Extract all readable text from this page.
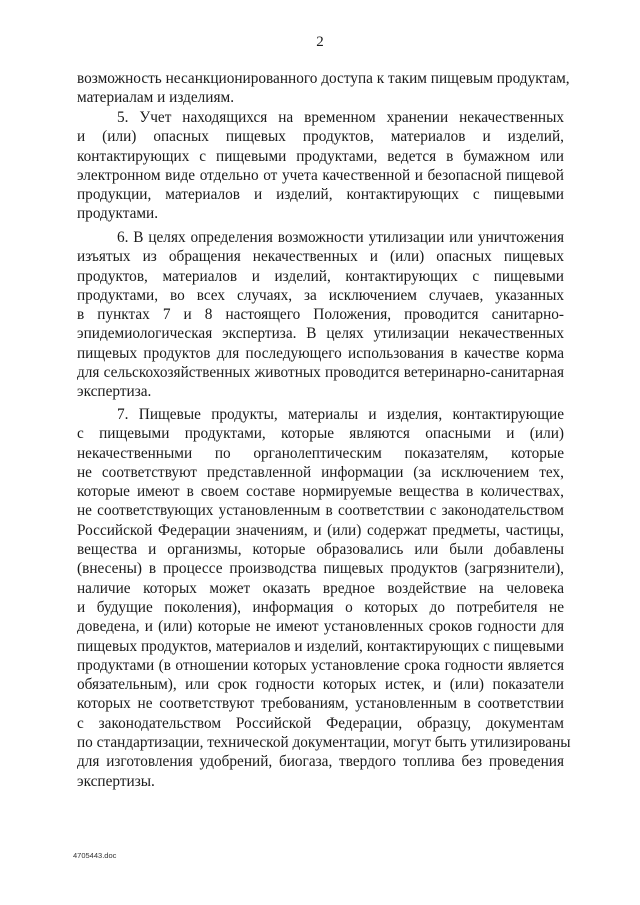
2
возможность несанкционированного доступа к таким пищевым продуктам,
материалам и изделиям.
5. Учет находящихся на временном хранении некачественных
и (или) опасных пищевых продуктов, материалов и изделий,
контактирующих с пищевыми продуктами, ведется в бумажном или
электронном виде отдельно от учета качественной и безопасной пищевой
продукции, материалов и изделий, контактирующих с пищевыми
продуктами.
6. В целях определения возможности утилизации или уничтожения
изъятых из обращения некачественных и (или) опасных пищевых
продуктов, материалов и изделий, контактирующих с пищевыми
продуктами, во всех случаях, за исключением случаев, указанных
в пунктах 7 и 8 настоящего Положения, проводится санитарно-
эпидемиологическая экспертиза. В целях утилизации некачественных
пищевых продуктов для последующего использования в качестве корма
для сельскохозяйственных животных проводится ветеринарно-санитарная
экспертиза.
7. Пищевые продукты, материалы и изделия, контактирующие
с пищевыми продуктами, которые являются опасными и (или)
некачественными по органолептическим показателям, которые
не соответствуют представленной информации (за исключением тех,
которые имеют в своем составе нормируемые вещества в количествах,
не соответствующих установленным в соответствии с законодательством
Российской Федерации значениям, и (или) содержат предметы, частицы,
вещества и организмы, которые образовались или были добавлены
(внесены) в процессе производства пищевых продуктов (загрязнители),
наличие которых может оказать вредное воздействие на человека
и будущие поколения), информация о которых до потребителя не
доведена, и (или) которые не имеют установленных сроков годности для
пищевых продуктов, материалов и изделий, контактирующих с пищевыми
продуктами (в отношении которых установление срока годности является
обязательным), или срок годности которых истек, и (или) показатели
которых не соответствуют требованиям, установленным в соответствии
с законодательством Российской Федерации, образцу, документам
по стандартизации, технической документации, могут быть утилизированы
для изготовления удобрений, биогаза, твердого топлива без проведения
экспертизы.
4705443.doc
